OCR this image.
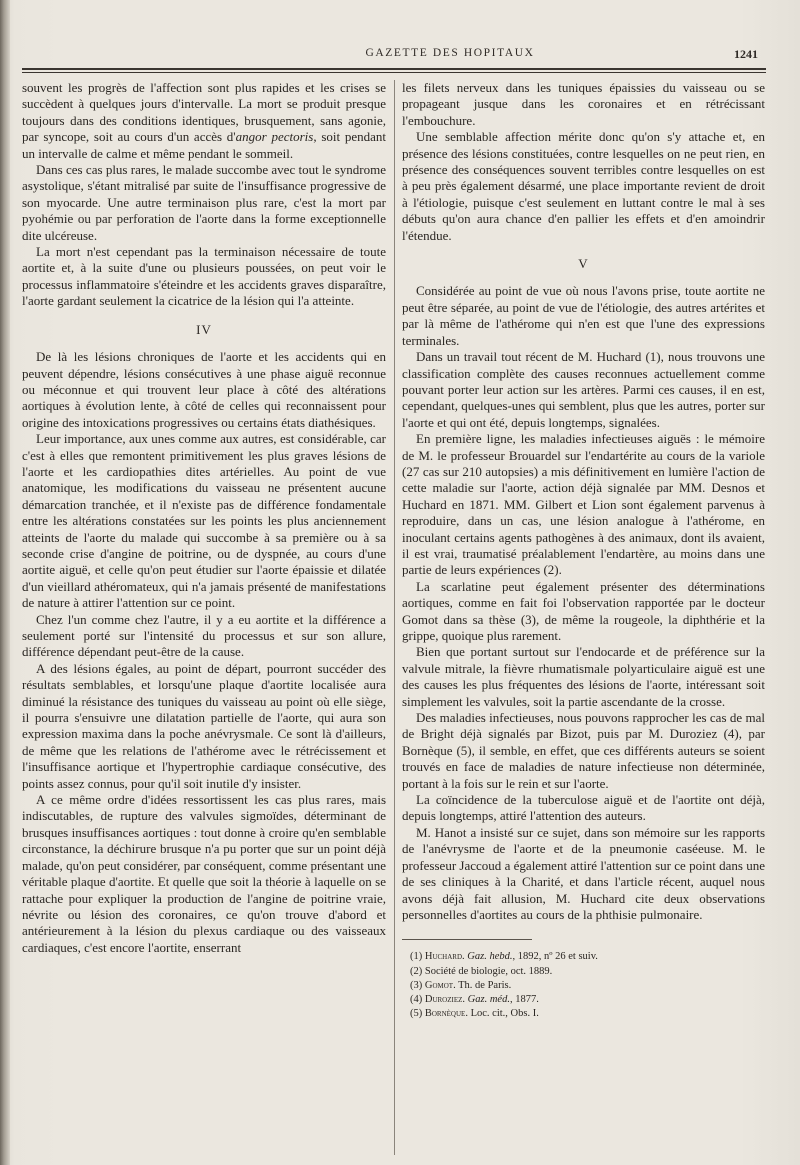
GAZETTE DES HOPITAUX	1241

souvent les progrès de l'affection sont plus rapides et les crises se succèdent à quelques jours d'intervalle. La mort se produit presque toujours dans des conditions identiques, brusquement, sans agonie, par syncope, soit au cours d'un accès d'angor pectoris, soit pendant un intervalle de calme et même pendant le sommeil.

Dans ces cas plus rares, le malade succombe avec tout le syndrome asystolique, s'étant mitralisé par suite de l'insuffisance progressive de son myocarde. Une autre terminaison plus rare, c'est la mort par pyohémie ou par perforation de l'aorte dans la forme exceptionnelle dite ulcéreuse.

La mort n'est cependant pas la terminaison nécessaire de toute aortite et, à la suite d'une ou plusieurs poussées, on peut voir le processus inflammatoire s'éteindre et les accidents graves disparaître, l'aorte gardant seulement la cicatrice de la lésion qui l'a atteinte.

IV

De là les lésions chroniques de l'aorte et les accidents qui en peuvent dépendre, lésions consécutives à une phase aiguë reconnue ou méconnue et qui trouvent leur place à côté des altérations aortiques à évolution lente, à côté de celles qui reconnaissent pour origine des intoxications progressives ou certains états diathésiques.

Leur importance, aux unes comme aux autres, est considérable, car c'est à elles que remontent primitivement les plus graves lésions de l'aorte et les cardiopathies dites artérielles. Au point de vue anatomique, les modifications du vaisseau ne présentent aucune démarcation tranchée, et il n'existe pas de différence fondamentale entre les altérations constatées sur les points les plus anciennement atteints de l'aorte du malade qui succombe à sa première ou à sa seconde crise d'angine de poitrine, ou de dyspnée, au cours d'une aortite aiguë, et celle qu'on peut étudier sur l'aorte épaissie et dilatée d'un vieillard athéromateux, qui n'a jamais présenté de manifestations de nature à attirer l'attention sur ce point.

Chez l'un comme chez l'autre, il y a eu aortite et la différence a seulement porté sur l'intensité du processus et sur son allure, différence dépendant peut-être de la cause.

A des lésions égales, au point de départ, pourront succéder des résultats semblables, et lorsqu'une plaque d'aortite localisée aura diminué la résistance des tuniques du vaisseau au point où elle siège, il pourra s'ensuivre une dilatation partielle de l'aorte, qui aura son expression maxima dans la poche anévrysmale. Ce sont là d'ailleurs, de même que les relations de l'athérome avec le rétrécissement et l'insuffisance aortique et l'hypertrophie cardiaque consécutive, des points assez connus, pour qu'il soit inutile d'y insister.

A ce même ordre d'idées ressortissent les cas plus rares, mais indiscutables, de rupture des valvules sigmoïdes, déterminant de brusques insuffisances aortiques : tout donne à croire qu'en semblable circonstance, la déchirure brusque n'a pu porter que sur un point déjà malade, qu'on peut considérer, par conséquent, comme présentant une véritable plaque d'aortite. Et quelle que soit la théorie à laquelle on se rattache pour expliquer la production de l'angine de poitrine vraie, névrite ou lésion des coronaires, ce qu'on trouve d'abord et antérieurement à la lésion du plexus cardiaque ou des vaisseaux cardiaques, c'est encore l'aortite, enserrant

les filets nerveux dans les tuniques épaissies du vaisseau ou se propageant jusque dans les coronaires et en rétrécissant l'embouchure.

Une semblable affection mérite donc qu'on s'y attache et, en présence des lésions constituées, contre lesquelles on ne peut rien, en présence des conséquences souvent terribles contre lesquelles on est à peu près également désarmé, une place importante revient de droit à l'étiologie, puisque c'est seulement en luttant contre le mal à ses débuts qu'on aura chance d'en pallier les effets et d'en amoindrir l'étendue.

V

Considérée au point de vue où nous l'avons prise, toute aortite ne peut être séparée, au point de vue de l'étiologie, des autres artérites et par là même de l'athérome qui n'en est que l'une des expressions terminales.

Dans un travail tout récent de M. Huchard (1), nous trouvons une classification complète des causes reconnues actuellement comme pouvant porter leur action sur les artères. Parmi ces causes, il en est, cependant, quelques-unes qui semblent, plus que les autres, porter sur l'aorte et qui ont été, depuis longtemps, signalées.

En première ligne, les maladies infectieuses aiguës : le mémoire de M. le professeur Brouardel sur l'endartérite au cours de la variole (27 cas sur 210 autopsies) a mis définitivement en lumière l'action de cette maladie sur l'aorte, action déjà signalée par MM. Desnos et Huchard en 1871. MM. Gilbert et Lion sont également parvenus à reproduire, dans un cas, une lésion analogue à l'athérome, en inoculant certains agents pathogènes à des animaux, dont ils avaient, il est vrai, traumatisé préalablement l'endartère, au moins dans une partie de leurs expériences (2).

La scarlatine peut également présenter des déterminations aortiques, comme en fait foi l'observation rapportée par le docteur Gomot dans sa thèse (3), de même la rougeole, la diphthérie et la grippe, quoique plus rarement.

Bien que portant surtout sur l'endocarde et de préférence sur la valvule mitrale, la fièvre rhumatismale polyarticulaire aiguë est une des causes les plus fréquentes des lésions de l'aorte, intéressant soit simplement les valvules, soit la partie ascendante de la crosse.

Des maladies infectieuses, nous pouvons rapprocher les cas de mal de Bright déjà signalés par Bizot, puis par M. Duroziez (4), par Bornèque (5), il semble, en effet, que ces différents auteurs se soient trouvés en face de maladies de nature infectieuse non déterminée, portant à la fois sur le rein et sur l'aorte.

La coïncidence de la tuberculose aiguë et de l'aortite ont déjà, depuis longtemps, attiré l'attention des auteurs.

M. Hanot a insisté sur ce sujet, dans son mémoire sur les rapports de l'anévrysme de l'aorte et de la pneumonie caséeuse. M. le professeur Jaccoud a également attiré l'attention sur ce point dans une de ses cliniques à la Charité, et dans l'article récent, auquel nous avons déjà fait allusion, M. Huchard cite deux observations personnelles d'aortites au cours de la phthisie pulmonaire.

(1) Huchard. Gaz. hebd., 1892, nº 26 et suiv.
(2) Société de biologie, oct. 1889.
(3) Gomot. Th. de Paris.
(4) Duroziez. Gaz. méd., 1877.
(5) Bornèque. Loc. cit., Obs. I.
